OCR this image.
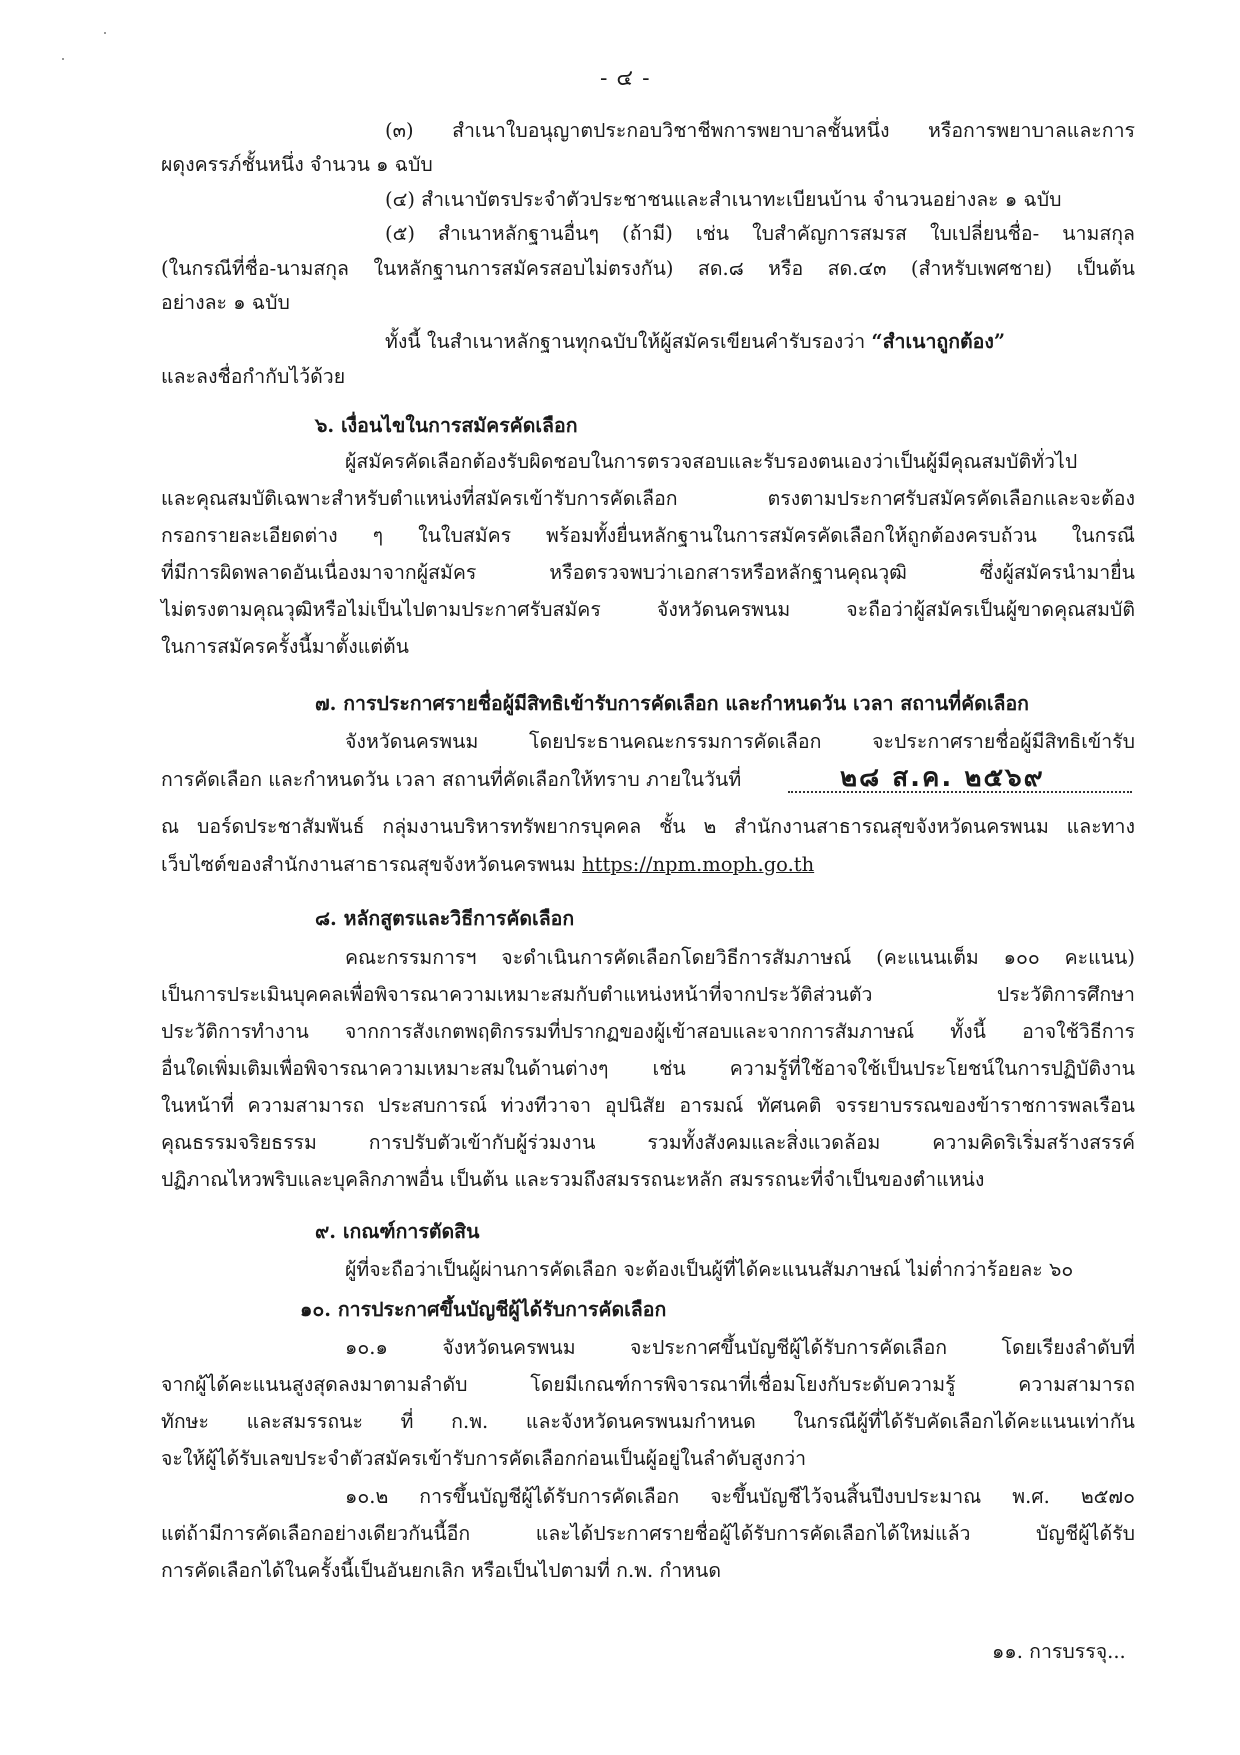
- ๔ -
(๓) สำเนาใบอนุญาตประกอบวิชาชีพการพยาบาลชั้นหนึ่ง หรือการพยาบาลและการ
ผดุงครรภ์ชั้นหนึ่ง จำนวน ๑ ฉบับ
(๔) สำเนาบัตรประจำตัวประชาชนและสำเนาทะเบียนบ้าน จำนวนอย่างละ ๑ ฉบับ
(๕) สำเนาหลักฐานอื่นๆ (ถ้ามี) เช่น ใบสำคัญการสมรส ใบเปลี่ยนชื่อ- นามสกุล
(ในกรณีที่ชื่อ-นามสกุล ในหลักฐานการสมัครสอบไม่ตรงกัน) สด.๘ หรือ สด.๔๓ (สำหรับเพศชาย) เป็นต้น
อย่างละ ๑ ฉบับ
ทั้งนี้ ในสำเนาหลักฐานทุกฉบับให้ผู้สมัครเขียนคำรับรองว่า “สำเนาถูกต้อง”
และลงชื่อกำกับไว้ด้วย
๖. เงื่อนไขในการสมัครคัดเลือก
ผู้สมัครคัดเลือกต้องรับผิดชอบในการตรวจสอบและรับรองตนเองว่าเป็นผู้มีคุณสมบัติทั่วไป
และคุณสมบัติเฉพาะสำหรับตำแหน่งที่สมัครเข้ารับการคัดเลือก ตรงตามประกาศรับสมัครคัดเลือกและจะต้อง
กรอกรายละเอียดต่าง ๆ ในใบสมัคร พร้อมทั้งยื่นหลักฐานในการสมัครคัดเลือกให้ถูกต้องครบถ้วน ในกรณี
ที่มีการผิดพลาดอันเนื่องมาจากผู้สมัคร หรือตรวจพบว่าเอกสารหรือหลักฐานคุณวุฒิ ซึ่งผู้สมัครนำมายื่น
ไม่ตรงตามคุณวุฒิหรือไม่เป็นไปตามประกาศรับสมัคร จังหวัดนครพนม จะถือว่าผู้สมัครเป็นผู้ขาดคุณสมบัติ
ในการสมัครครั้งนี้มาตั้งแต่ต้น
๗. การประกาศรายชื่อผู้มีสิทธิเข้ารับการคัดเลือก และกำหนดวัน เวลา สถานที่คัดเลือก
จังหวัดนครพนม โดยประธานคณะกรรมการคัดเลือก จะประกาศรายชื่อผู้มีสิทธิเข้ารับ
การคัดเลือก และกำหนดวัน เวลา สถานที่คัดเลือกให้ทราบ ภายในวันที่	๒๘ ส.ค. ๒๕๖๙
ณ บอร์ดประชาสัมพันธ์ กลุ่มงานบริหารทรัพยากรบุคคล ชั้น ๒ สำนักงานสาธารณสุขจังหวัดนครพนม และทาง
เว็บไซต์ของสำนักงานสาธารณสุขจังหวัดนครพนม https://npm.moph.go.th
๘. หลักสูตรและวิธีการคัดเลือก
คณะกรรมการฯ จะดำเนินการคัดเลือกโดยวิธีการสัมภาษณ์ (คะแนนเต็ม ๑๐๐ คะแนน)
เป็นการประเมินบุคคลเพื่อพิจารณาความเหมาะสมกับตำแหน่งหน้าที่จากประวัติส่วนตัว ประวัติการศึกษา
ประวัติการทำงาน จากการสังเกตพฤติกรรมที่ปรากฏของผู้เข้าสอบและจากการสัมภาษณ์ ทั้งนี้ อาจใช้วิธีการ
อื่นใดเพิ่มเติมเพื่อพิจารณาความเหมาะสมในด้านต่างๆ เช่น ความรู้ที่ใช้อาจใช้เป็นประโยชน์ในการปฏิบัติงาน
ในหน้าที่ ความสามารถ ประสบการณ์ ท่วงทีวาจา อุปนิสัย อารมณ์ ทัศนคติ จรรยาบรรณของข้าราชการพลเรือน
คุณธรรมจริยธรรม การปรับตัวเข้ากับผู้ร่วมงาน รวมทั้งสังคมและสิ่งแวดล้อม ความคิดริเริ่มสร้างสรรค์
ปฏิภาณไหวพริบและบุคลิกภาพอื่น เป็นต้น และรวมถึงสมรรถนะหลัก สมรรถนะที่จำเป็นของตำแหน่ง
๙. เกณฑ์การตัดสิน
ผู้ที่จะถือว่าเป็นผู้ผ่านการคัดเลือก จะต้องเป็นผู้ที่ได้คะแนนสัมภาษณ์ ไม่ต่ำกว่าร้อยละ ๖๐
๑๐. การประกาศขึ้นบัญชีผู้ได้รับการคัดเลือก
๑๐.๑ จังหวัดนครพนม จะประกาศขึ้นบัญชีผู้ได้รับการคัดเลือก โดยเรียงลำดับที่
จากผู้ได้คะแนนสูงสุดลงมาตามลำดับ โดยมีเกณฑ์การพิจารณาที่เชื่อมโยงกับระดับความรู้ ความสามารถ
ทักษะ และสมรรถนะ ที่ ก.พ. และจังหวัดนครพนมกำหนด ในกรณีผู้ที่ได้รับคัดเลือกได้คะแนนเท่ากัน
จะให้ผู้ได้รับเลขประจำตัวสมัครเข้ารับการคัดเลือกก่อนเป็นผู้อยู่ในลำดับสูงกว่า
๑๐.๒ การขึ้นบัญชีผู้ได้รับการคัดเลือก จะขึ้นบัญชีไว้จนสิ้นปีงบประมาณ พ.ศ. ๒๕๗๐
แต่ถ้ามีการคัดเลือกอย่างเดียวกันนี้อีก และได้ประกาศรายชื่อผู้ได้รับการคัดเลือกได้ใหม่แล้ว บัญชีผู้ได้รับ
การคัดเลือกได้ในครั้งนี้เป็นอันยกเลิก หรือเป็นไปตามที่ ก.พ. กำหนด
๑๑. การบรรจุ...
